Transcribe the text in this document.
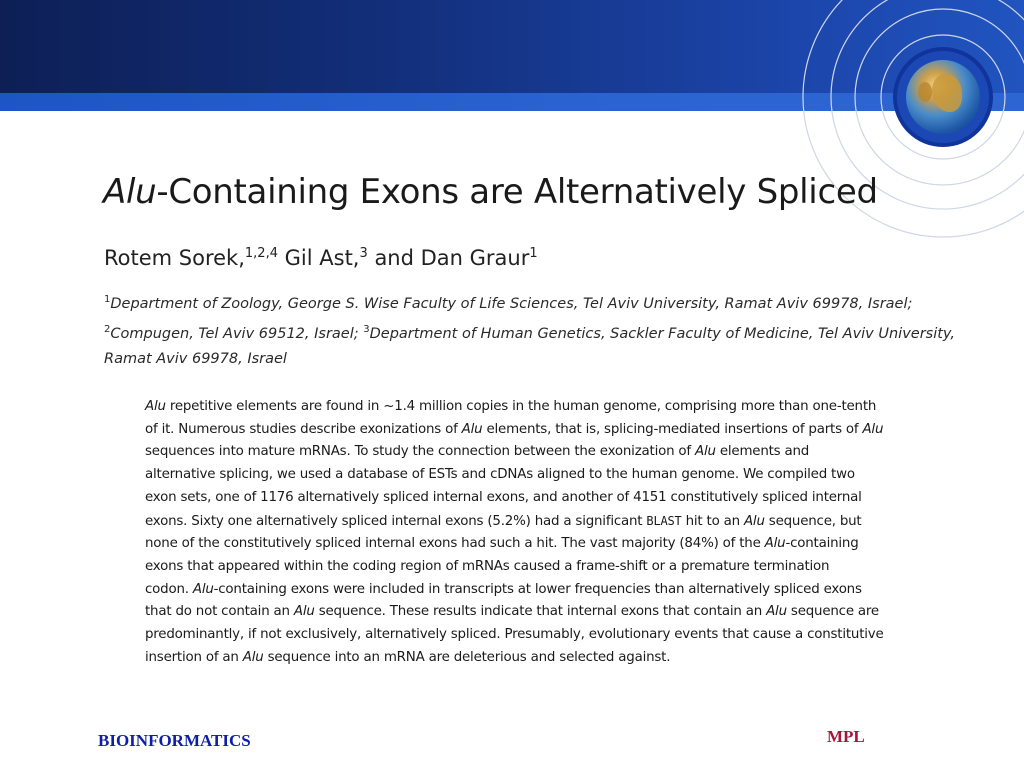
Alu-Containing Exons are Alternatively Spliced

Rotem Sorek,$^{1,2,4}$ Gil Ast,$^3$ and Dan Graur$^1$

$^1$Department of Zoology, George S. Wise Faculty of Life Sciences, Tel Aviv University, Ramat Aviv 69978, Israel;
$^2$Compugen, Tel Aviv 69512, Israel; $^3$Department of Human Genetics, Sackler Faculty of Medicine, Tel Aviv University,
Ramat Aviv 69978, Israel

Alu repetitive elements are found in ~1.4 million copies in the human genome, comprising more than one-tenth
of it. Numerous studies describe exonizations of Alu elements, that is, splicing-mediated insertions of parts of Alu
sequences into mature mRNAs. To study the connection between the exonization of Alu elements and
alternative splicing, we used a database of ESTs and cDNAs aligned to the human genome. We compiled two
exon sets, one of 1176 alternatively spliced internal exons, and another of 4151 constitutively spliced internal
exons. Sixty one alternatively spliced internal exons (5.2%) had a significant BLAST hit to an Alu sequence, but
none of the constitutively spliced internal exons had such a hit. The vast majority (84%) of the Alu-containing
exons that appeared within the coding region of mRNAs caused a frame-shift or a premature termination
codon. Alu-containing exons were included in transcripts at lower frequencies than alternatively spliced exons
that do not contain an Alu sequence. These results indicate that internal exons that contain an Alu sequence are
predominantly, if not exclusively, alternatively spliced. Presumably, evolutionary events that cause a constitutive
insertion of an Alu sequence into an mRNA are deleterious and selected against.

BIOINFORMATICS	MPL
